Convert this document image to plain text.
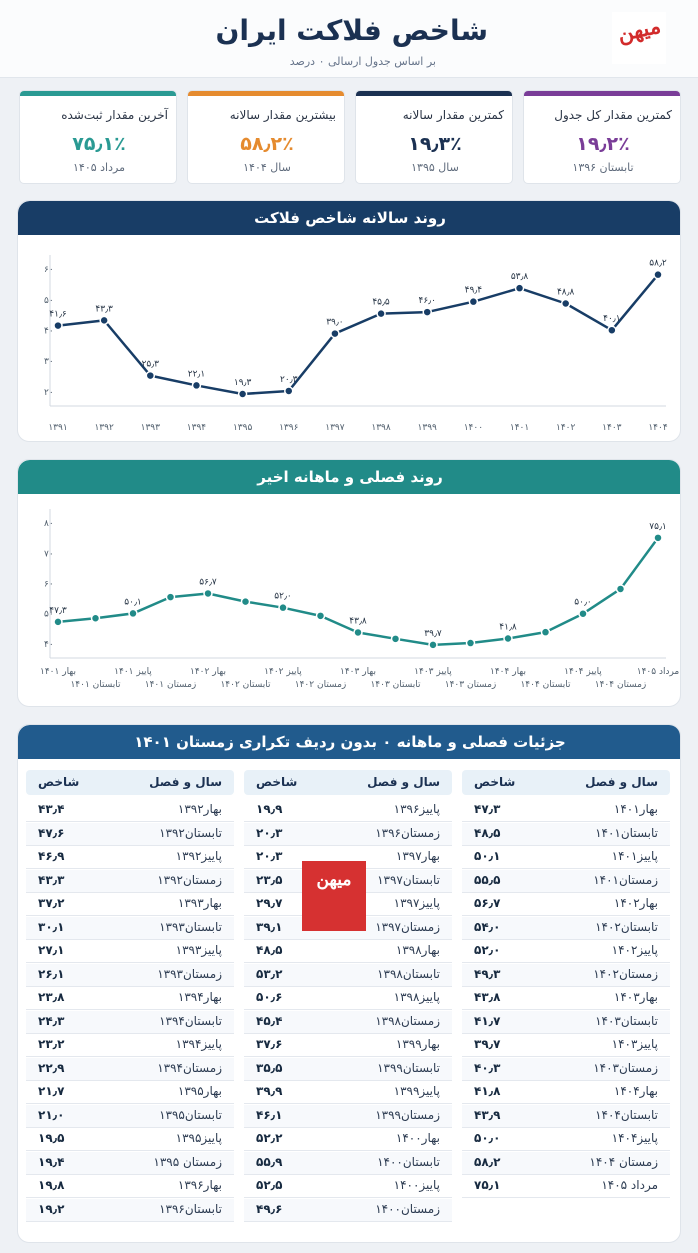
شاخص فلاکت ایران
بر اساس جدول ارسالی ۰ درصد
میهن
کمترین مقدار کل جدول
۱۹٫۲٪
تابستان ۱۳۹۶
کمترین مقدار سالانه
۱۹٫۳٪
سال ۱۳۹۵
بیشترین مقدار سالانه
۵۸٫۲٪
سال ۱۴۰۴
آخرین مقدار ثبت‌شده
۷۵٫۱٪
مرداد ۱۴۰۵
روند سالانه شاخص فلاکت
۲۰
۳۰
۴۰
۵۰
۶۰
۴۱٫۶
۴۳٫۳
۲۵٫۳
۲۲٫۱
۱۹٫۳	۲۰٫۳
۳۹٫۰
۴۵٫۵	۴۶٫۰
۴۹٫۴
۵۳٫۸
۴۸٫۸
۴۰٫۱
۵۸٫۲
۱۳۹۱	۱۳۹۲	۱۳۹۳	۱۳۹۴	۱۳۹۵	۱۳۹۶	۱۳۹۷	۱۳۹۸	۱۳۹۹	۱۴۰۰	۱۴۰۱	۱۴۰۲	۱۴۰۳	۱۴۰۴
روند فصلی و ماهانه اخیر
۴۰
۵۰
۶۰
۷۰
۸۰
۴۷٫۳
۵۰٫۱
۵۶٫۷
۵۲٫۰
۴۳٫۸
۳۹٫۷
۴۱٫۸
۵۰٫۰
۷۵٫۱
بهار ۱۴۰۱	پاییز ۱۴۰۱	بهار ۱۴۰۲	پاییز ۱۴۰۲	بهار ۱۴۰۳	پاییز ۱۴۰۳	بهار ۱۴۰۴	پاییز ۱۴۰۴	مرداد ۱۴۰۵
تابستان ۱۴۰۱	زمستان ۱۴۰۱	تابستان ۱۴۰۲	زمستان ۱۴۰۲	تابستان ۱۴۰۳	زمستان ۱۴۰۳	تابستان ۱۴۰۴	زمستان ۱۴۰۴
جزئیات فصلی و ماهانه ۰ بدون ردیف تکراری زمستان ۱۴۰۱
سال و فصل
شاخص
بهار۱۴۰۱
۴۷٫۳
تابستان۱۴۰۱
۴۸٫۵
پاییز۱۴۰۱
۵۰٫۱
زمستان۱۴۰۱
۵۵٫۵
بهار۱۴۰۲
۵۶٫۷
تابستان۱۴۰۲
۵۴٫۰
پاییز۱۴۰۲
۵۲٫۰
زمستان۱۴۰۲
۴۹٫۳
بهار۱۴۰۳
۴۳٫۸
تابستان۱۴۰۳
۴۱٫۷
پاییز۱۴۰۳
۳۹٫۷
زمستان۱۴۰۳
۴۰٫۳
بهار۱۴۰۴
۴۱٫۸
تابستان۱۴۰۴
۴۳٫۹
پاییز۱۴۰۴
۵۰٫۰
زمستان ۱۴۰۴
۵۸٫۲
مرداد ۱۴۰۵
۷۵٫۱
سال و فصل
شاخص
پاییز۱۳۹۶
۱۹٫۹
زمستان۱۳۹۶
۲۰٫۳
بهار۱۳۹۷
۲۰٫۳
تابستان۱۳۹۷
۲۳٫۵
پاییز۱۳۹۷
۲۹٫۷
زمستان۱۳۹۷
۳۹٫۱
بهار۱۳۹۸
۴۸٫۵
تابستان۱۳۹۸
۵۳٫۲
پاییز۱۳۹۸
۵۰٫۶
زمستان۱۳۹۸
۴۵٫۴
بهار۱۳۹۹
۳۷٫۶
تابستان۱۳۹۹
۳۵٫۵
پاییز۱۳۹۹
۳۹٫۹
زمستان۱۳۹۹
۴۶٫۱
بهار۱۴۰۰
۵۲٫۲
تابستان۱۴۰۰
۵۵٫۹
پاییز۱۴۰۰
۵۲٫۵
زمستان۱۴۰۰
۴۹٫۶
سال و فصل
شاخص
بهار۱۳۹۲
۴۳٫۴
تابستان۱۳۹۲
۴۷٫۶
پاییز۱۳۹۲
۴۶٫۹
زمستان۱۳۹۲
۴۳٫۳
بهار۱۳۹۳
۳۷٫۲
تابستان۱۳۹۳
۳۰٫۱
پاییز۱۳۹۳
۲۷٫۱
زمستان۱۳۹۳
۲۶٫۱
بهار۱۳۹۴
۲۳٫۸
تابستان۱۳۹۴
۲۴٫۳
پاییز۱۳۹۴
۲۳٫۲
زمستان۱۳۹۴
۲۲٫۹
بهار۱۳۹۵
۲۱٫۷
تابستان۱۳۹۵
۲۱٫۰
پاییز۱۳۹۵
۱۹٫۵
زمستان ۱۳۹۵
۱۹٫۴
بهار۱۳۹۶
۱۹٫۸
تابستان۱۳۹۶
۱۹٫۲
میهن
